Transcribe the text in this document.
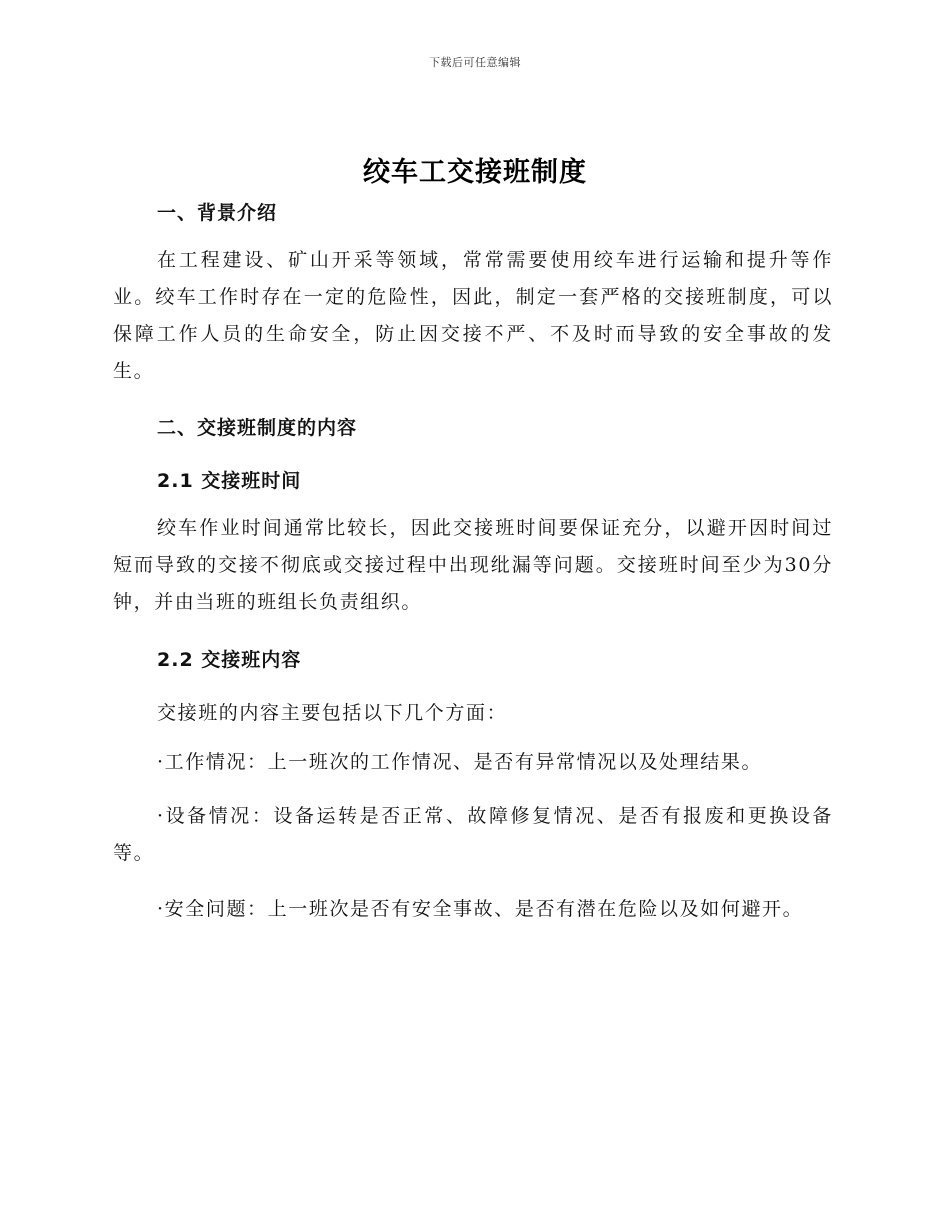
下载后可任意编辑
绞车工交接班制度
一、背景介绍
在工程建设、矿山开采等领域，常常需要使用绞车进行运输和提升等作业。绞车工作时存在一定的危险性，因此，制定一套严格的交接班制度，可以保障工作人员的生命安全，防止因交接不严、不及时而导致的安全事故的发生。
二、交接班制度的内容
2.1 交接班时间
绞车作业时间通常比较长，因此交接班时间要保证充分，以避开因时间过短而导致的交接不彻底或交接过程中出现纰漏等问题。交接班时间至少为30分钟，并由当班的班组长负责组织。
2.2 交接班内容
交接班的内容主要包括以下几个方面：
·工作情况：上一班次的工作情况、是否有异常情况以及处理结果。
·设备情况：设备运转是否正常、故障修复情况、是否有报废和更换设备等。
·安全问题：上一班次是否有安全事故、是否有潜在危险以及如何避开。
